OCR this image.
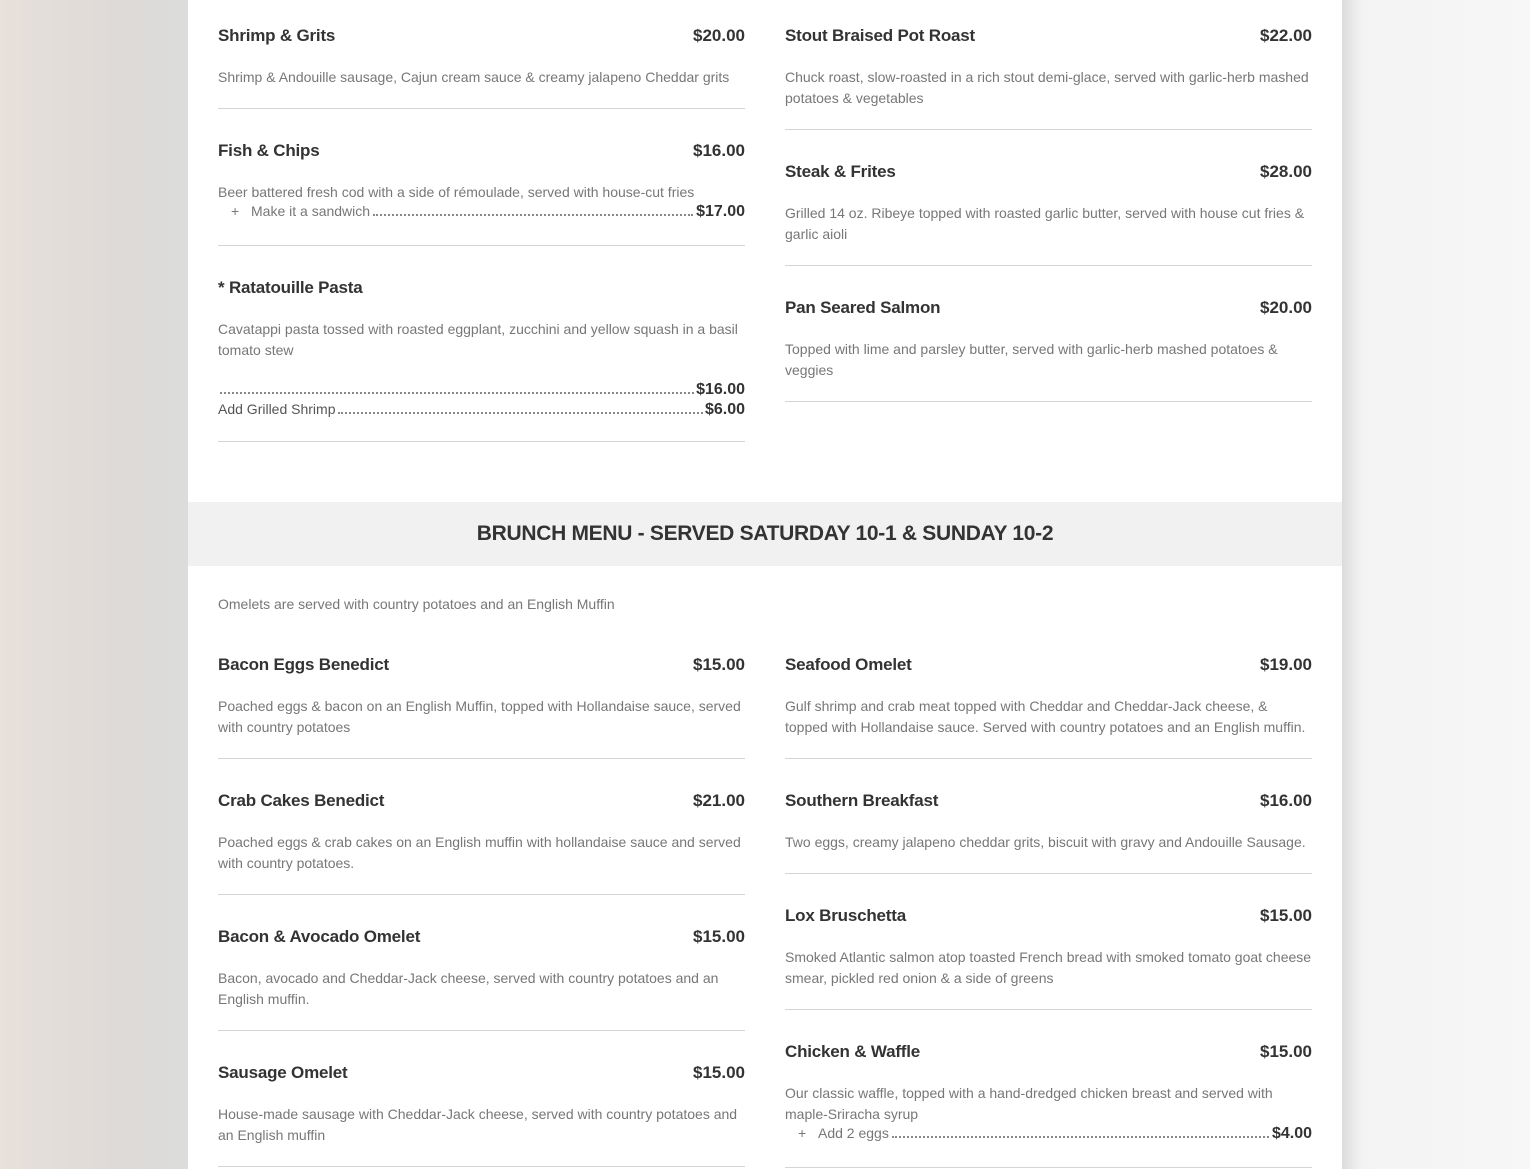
Shrimp & Grits	$20.00
Shrimp & Andouille sausage, Cajun cream sauce & creamy jalapeno Cheddar grits
Fish & Chips	$16.00
Beer battered fresh cod with a side of rémoulade, served with house-cut fries
+ Make it a sandwich	$17.00
* Ratatouille Pasta
Cavatappi pasta tossed with roasted eggplant, zucchini and yellow squash in a basil tomato stew
$16.00
Add Grilled Shrimp	$6.00
Stout Braised Pot Roast	$22.00
Chuck roast, slow-roasted in a rich stout demi-glace, served with garlic-herb mashed potatoes & vegetables
Steak & Frites	$28.00
Grilled 14 oz. Ribeye topped with roasted garlic butter, served with house cut fries & garlic aioli
Pan Seared Salmon	$20.00
Topped with lime and parsley butter, served with garlic-herb mashed potatoes & veggies
BRUNCH MENU - SERVED SATURDAY 10-1 & SUNDAY 10-2
Omelets are served with country potatoes and an English Muffin
Bacon Eggs Benedict	$15.00
Poached eggs & bacon on an English Muffin, topped with Hollandaise sauce, served with country potatoes
Crab Cakes Benedict	$21.00
Poached eggs & crab cakes on an English muffin with hollandaise sauce and served with country potatoes.
Bacon & Avocado Omelet	$15.00
Bacon, avocado and Cheddar-Jack cheese, served with country potatoes and an English muffin.
Sausage Omelet	$15.00
House-made sausage with Cheddar-Jack cheese, served with country potatoes and an English muffin
Seafood Omelet	$19.00
Gulf shrimp and crab meat topped with Cheddar and Cheddar-Jack cheese, & topped with Hollandaise sauce. Served with country potatoes and an English muffin.
Southern Breakfast	$16.00
Two eggs, creamy jalapeno cheddar grits, biscuit with gravy and Andouille Sausage.
Lox Bruschetta	$15.00
Smoked Atlantic salmon atop toasted French bread with smoked tomato goat cheese smear, pickled red onion & a side of greens
Chicken & Waffle	$15.00
Our classic waffle, topped with a hand-dredged chicken breast and served with maple-Sriracha syrup
+ Add 2 eggs	$4.00
